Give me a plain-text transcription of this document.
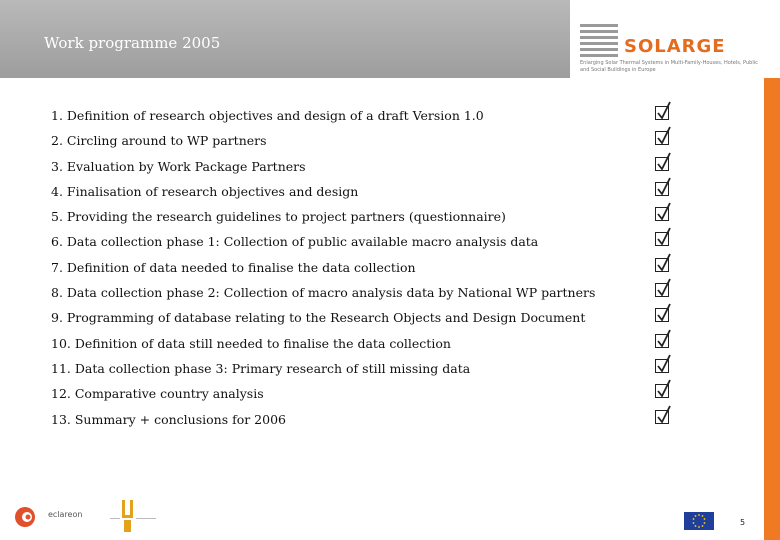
Work programme 2005	SOLARGE
Enlarging Solar Thermal Systems in Multi-Family-Houses, Hotels, Public and Social Buildings in Europe
1. Definition of research objectives and design of a draft Version 1.0
2. Circling around to WP partners
3. Evaluation by Work Package Partners
4. Finalisation of research objectives and design
5. Providing the research guidelines to project partners (questionnaire)
6. Data collection phase 1: Collection of public available macro analysis data
7. Definition of data needed to finalise the data collection
8. Data collection phase 2: Collection of macro analysis data by National WP partners
9. Programming of database relating to the Research Objects and Design Document
10. Definition of data still needed to finalise the data collection
11. Data collection phase 3: Primary research of still missing data
12. Comparative country analysis
13. Summary + conclusions for 2006
eclareon
5
